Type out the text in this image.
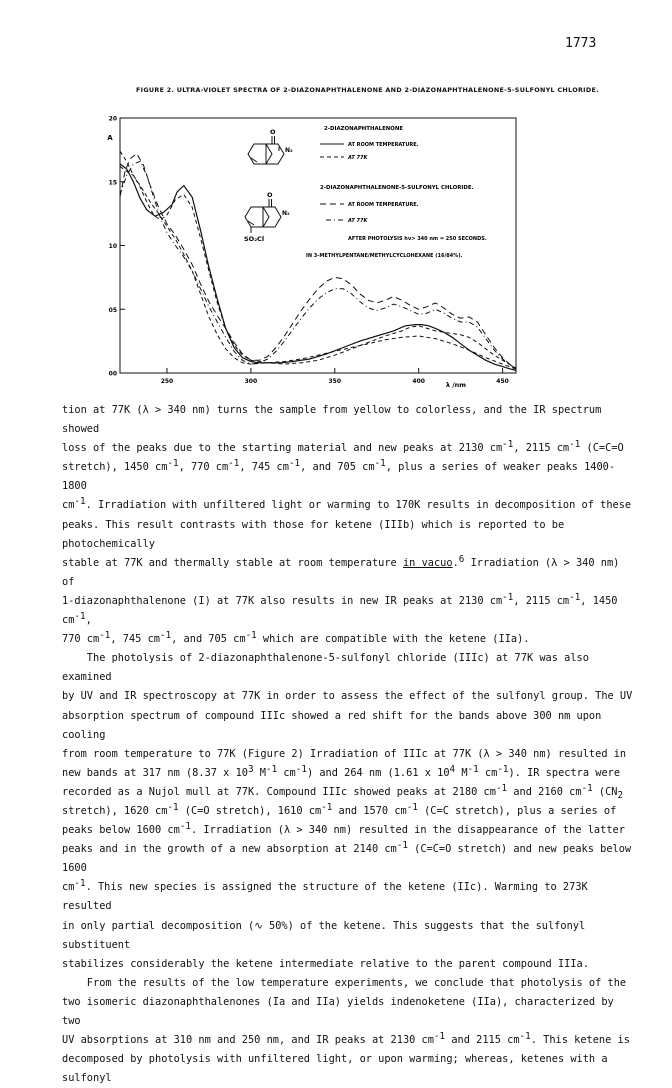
1773
FIGURE 2. ULTRA-VIOLET SPECTRA OF 2-DIAZONAPHTHALENONE AND 2-DIAZONAPHTHALENONE-5-SULFONYL CHLORIDE.
00
05
10
15
20
250	300	350	400	450
A
λ /nm
O
N₂
O
N₂
SO₂Cl
2-DIAZONAPHTHALENONE
AT ROOM TEMPERATURE.
AT 77K
2-DIAZONAPHTHALENONE-5-SULFONYL CHLORIDE.
AT ROOM TEMPERATURE.
AT 77K
AFTER PHOTOLYSIS hν> 340 nm = 250 SECONDS.
IN 3-METHYLPENTANE/METHYLCYCLOHEXANE (16/84%).
tion at 77K (λ > 340 nm) turns the sample from yellow to colorless, and the IR spectrum showed
loss of the peaks due to the starting material and new peaks at 2130 cm-1, 2115 cm-1 (C=C=O
stretch), 1450 cm-1, 770 cm-1, 745 cm-1, and 705 cm-1, plus a series of weaker peaks 1400-1800
cm-1. Irradiation with unfiltered light or warming to 170K results in decomposition of these
peaks. This result contrasts with those for ketene (IIIb) which is reported to be photochemically
stable at 77K and thermally stable at room temperature in vacuo.6 Irradiation (λ > 340 nm) of
1-diazonaphthalenone (I) at 77K also results in new IR peaks at 2130 cm-1, 2115 cm-1, 1450 cm-1,
770 cm-1, 745 cm-1, and 705 cm-1 which are compatible with the ketene (IIa).
The photolysis of 2-diazonaphthalenone-5-sulfonyl chloride (IIIc) at 77K was also examined
by UV and IR spectroscopy at 77K in order to assess the effect of the sulfonyl group. The UV
absorption spectrum of compound IIIc showed a red shift for the bands above 300 nm upon cooling
from room temperature to 77K (Figure 2) Irradiation of IIIc at 77K (λ > 340 nm) resulted in
new bands at 317 nm (8.37 x 103 M-1 cm-1) and 264 nm (1.61 x 104 M-1 cm-1). IR spectra were
recorded as a Nujol mull at 77K. Compound IIIc showed peaks at 2180 cm-1 and 2160 cm-1 (CN2
stretch), 1620 cm-1 (C=O stretch), 1610 cm-1 and 1570 cm-1 (C=C stretch), plus a series of
peaks below 1600 cm-1. Irradiation (λ > 340 nm) resulted in the disappearance of the latter
peaks and in the growth of a new absorption at 2140 cm-1 (C=C=O stretch) and new peaks below 1600
cm-1. This new species is assigned the structure of the ketene (IIc). Warming to 273K resulted
in only partial decomposition (∿ 50%) of the ketene. This suggests that the sulfonyl substituent
stabilizes considerably the ketene intermediate relative to the parent compound IIIa.
From the results of the low temperature experiments, we conclude that photolysis of the
two isomeric diazonaphthalenones (Ia and IIa) yields indenoketene (IIa), characterized by two
UV absorptions at 310 nm and 250 nm, and IR peaks at 2130 cm-1 and 2115 cm-1. This ketene is
decomposed by photolysis with unfiltered light, or upon warming; whereas, ketenes with a sulfonyl
